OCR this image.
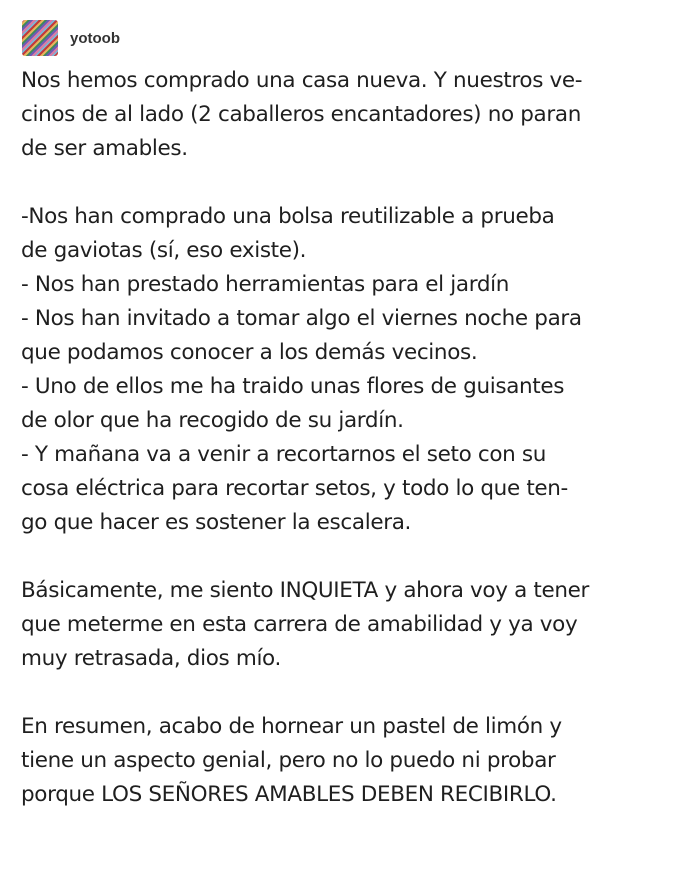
yotoob
Nos hemos comprado una casa nueva. Y nuestros ve-
cinos de al lado (2 caballeros encantadores) no paran
de ser amables.
-Nos han comprado una bolsa reutilizable a prueba
de gaviotas (sí, eso existe).
- Nos han prestado herramientas para el jardín
- Nos han invitado a tomar algo el viernes noche para
que podamos conocer a los demás vecinos.
- Uno de ellos me ha traido unas flores de guisantes
de olor que ha recogido de su jardín.
- Y mañana va a venir a recortarnos el seto con su
cosa eléctrica para recortar setos, y todo lo que ten-
go que hacer es sostener la escalera.
Básicamente, me siento INQUIETA y ahora voy a tener
que meterme en esta carrera de amabilidad y ya voy
muy retrasada, dios mío.
En resumen, acabo de hornear un pastel de limón y
tiene un aspecto genial, pero no lo puedo ni probar
porque LOS SEÑORES AMABLES DEBEN RECIBIRLO.
